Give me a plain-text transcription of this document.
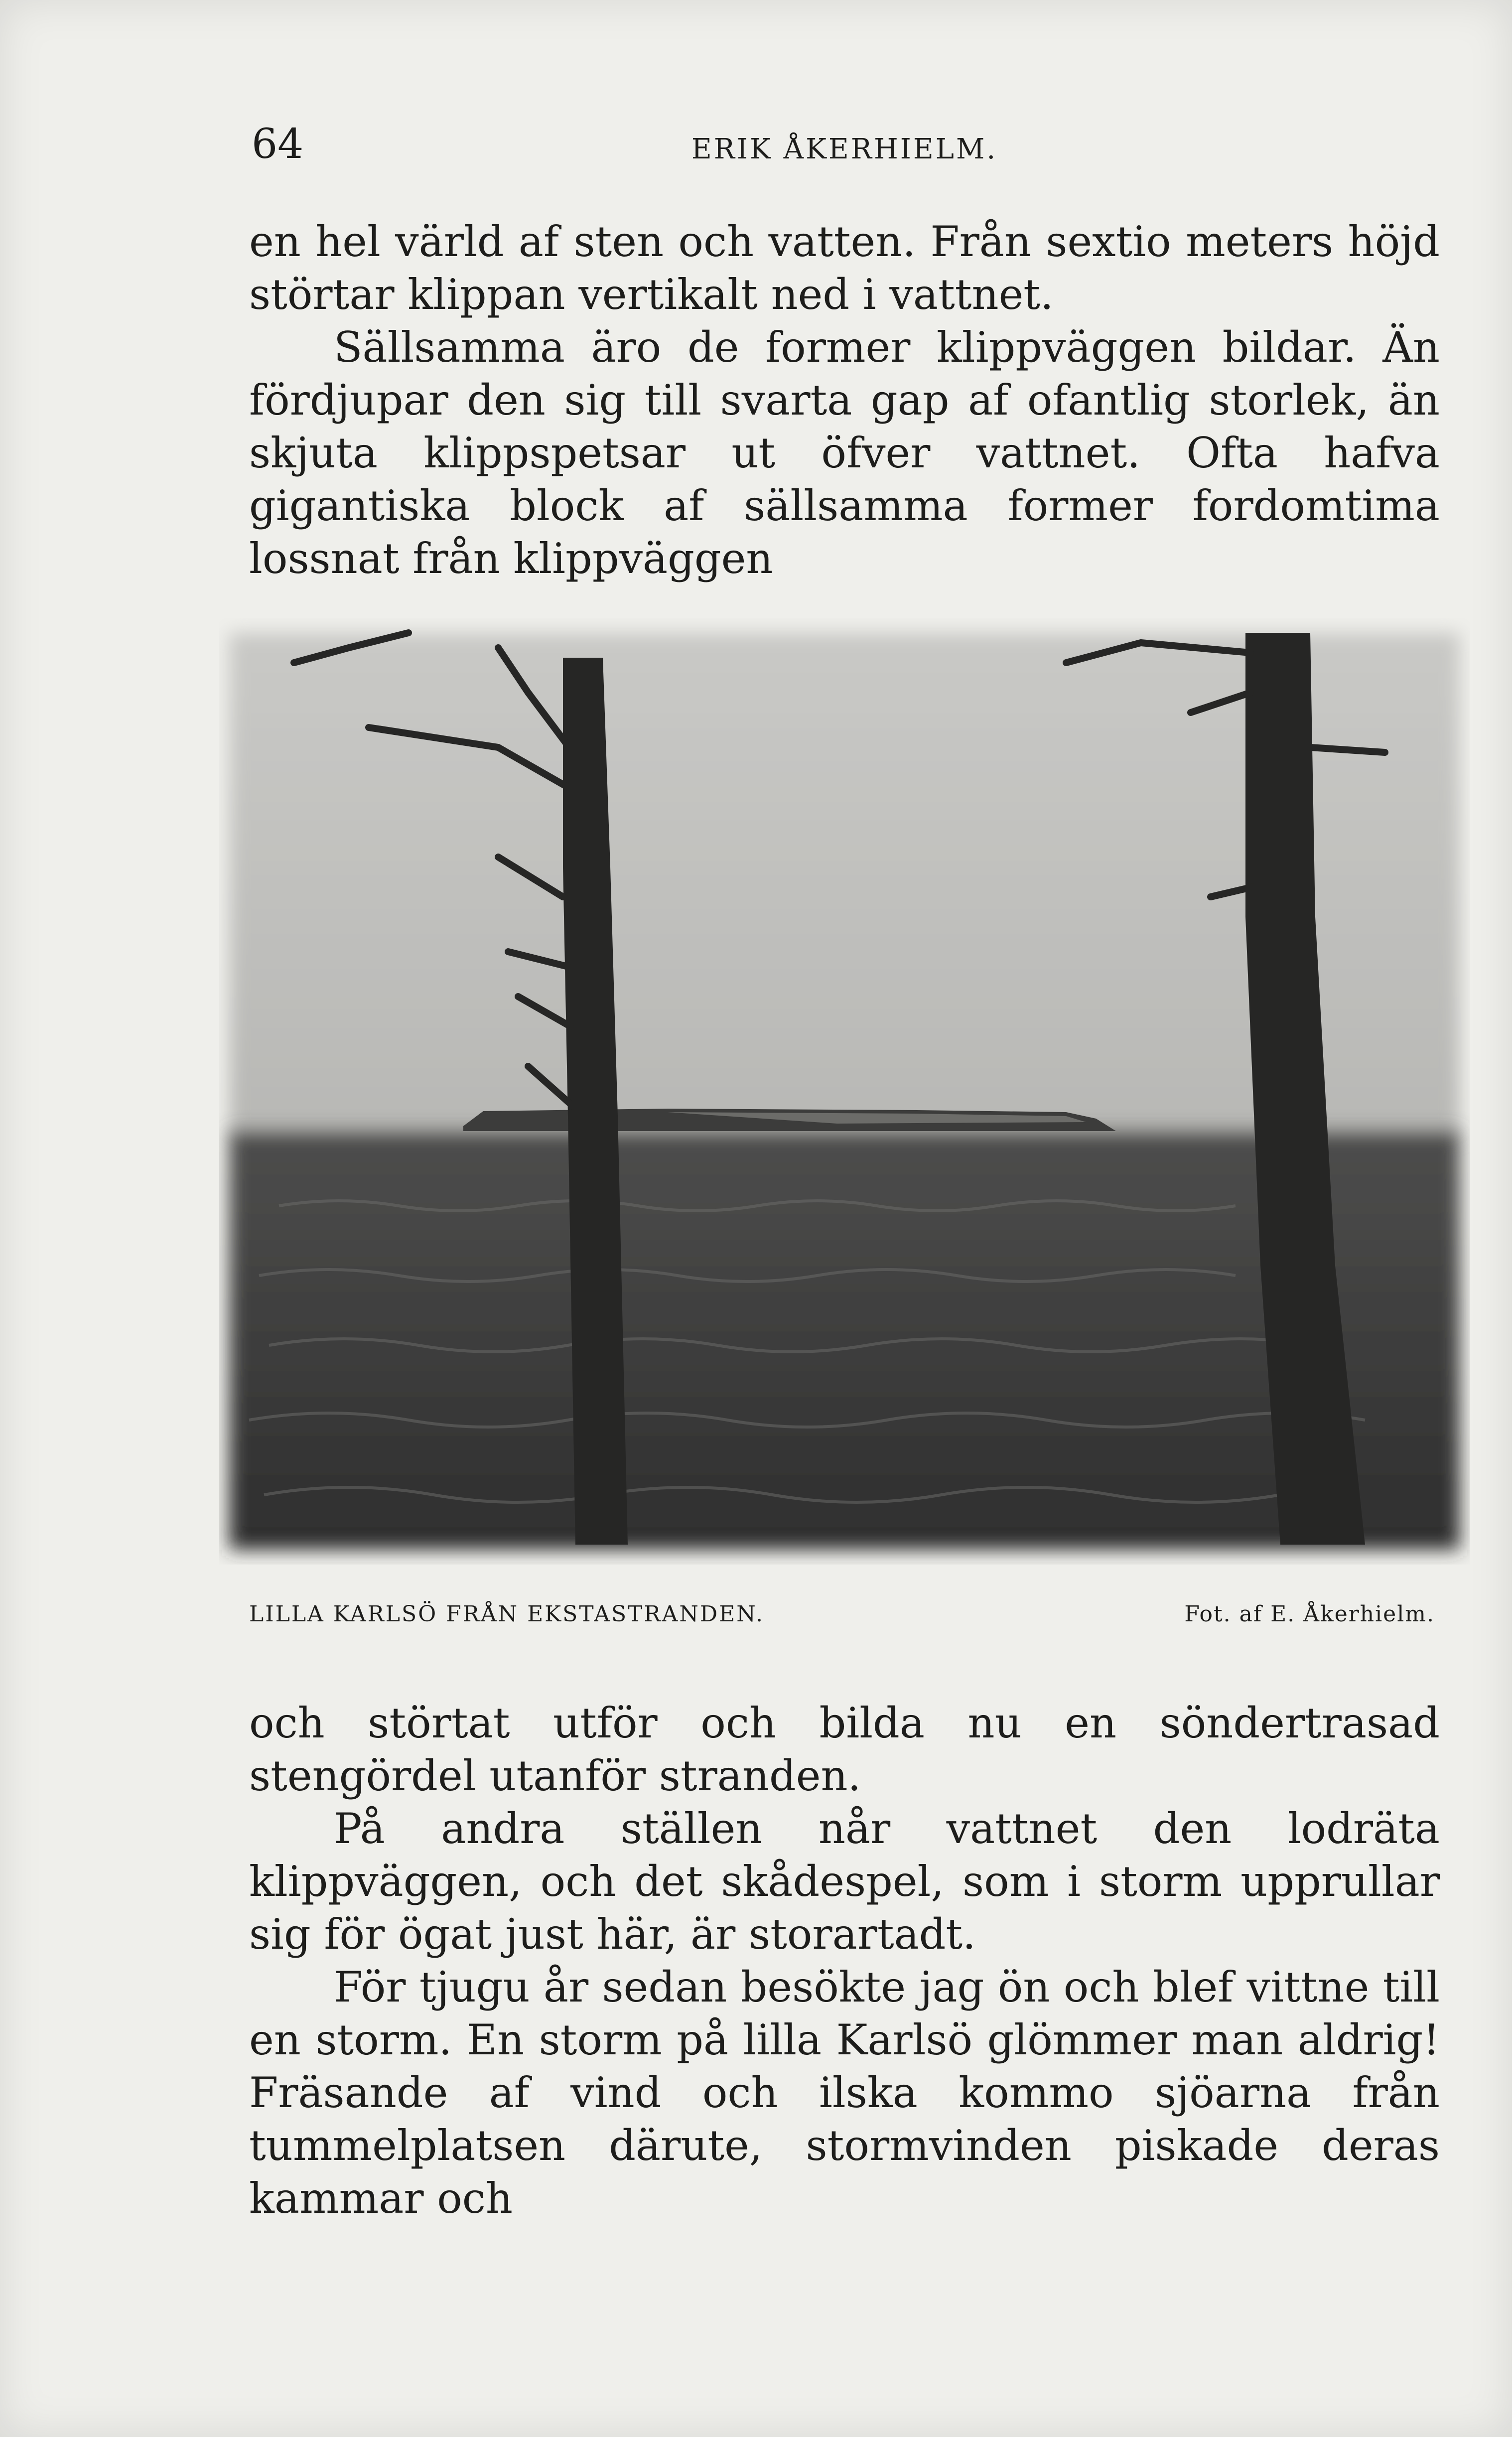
64	ERIK ÅKERHIELM.
en hel värld af sten och vatten. Från sextio meters höjd störtar klippan vertikalt ned i vattnet.
Sällsamma äro de former klippväggen bildar. Än fördjupar den sig till svarta gap af ofantlig storlek, än skjuta klippspetsar ut öfver vattnet. Ofta hafva gigantiska block af sällsamma former fordomtima lossnat från klippväggen
LILLA KARLSÖ FRÅN EKSTASTRANDEN.	Fot. af E. Åkerhielm.
och störtat utför och bilda nu en söndertrasad stengördel utanför stranden.
På andra ställen når vattnet den lodräta klippväggen, och det skådespel, som i storm upprullar sig för ögat just här, är storartadt.
För tjugu år sedan besökte jag ön och blef vittne till en storm. En storm på lilla Karlsö glömmer man aldrig! Fräsande af vind och ilska kommo sjöarna från tummelplatsen därute, stormvinden piskade deras kammar och
